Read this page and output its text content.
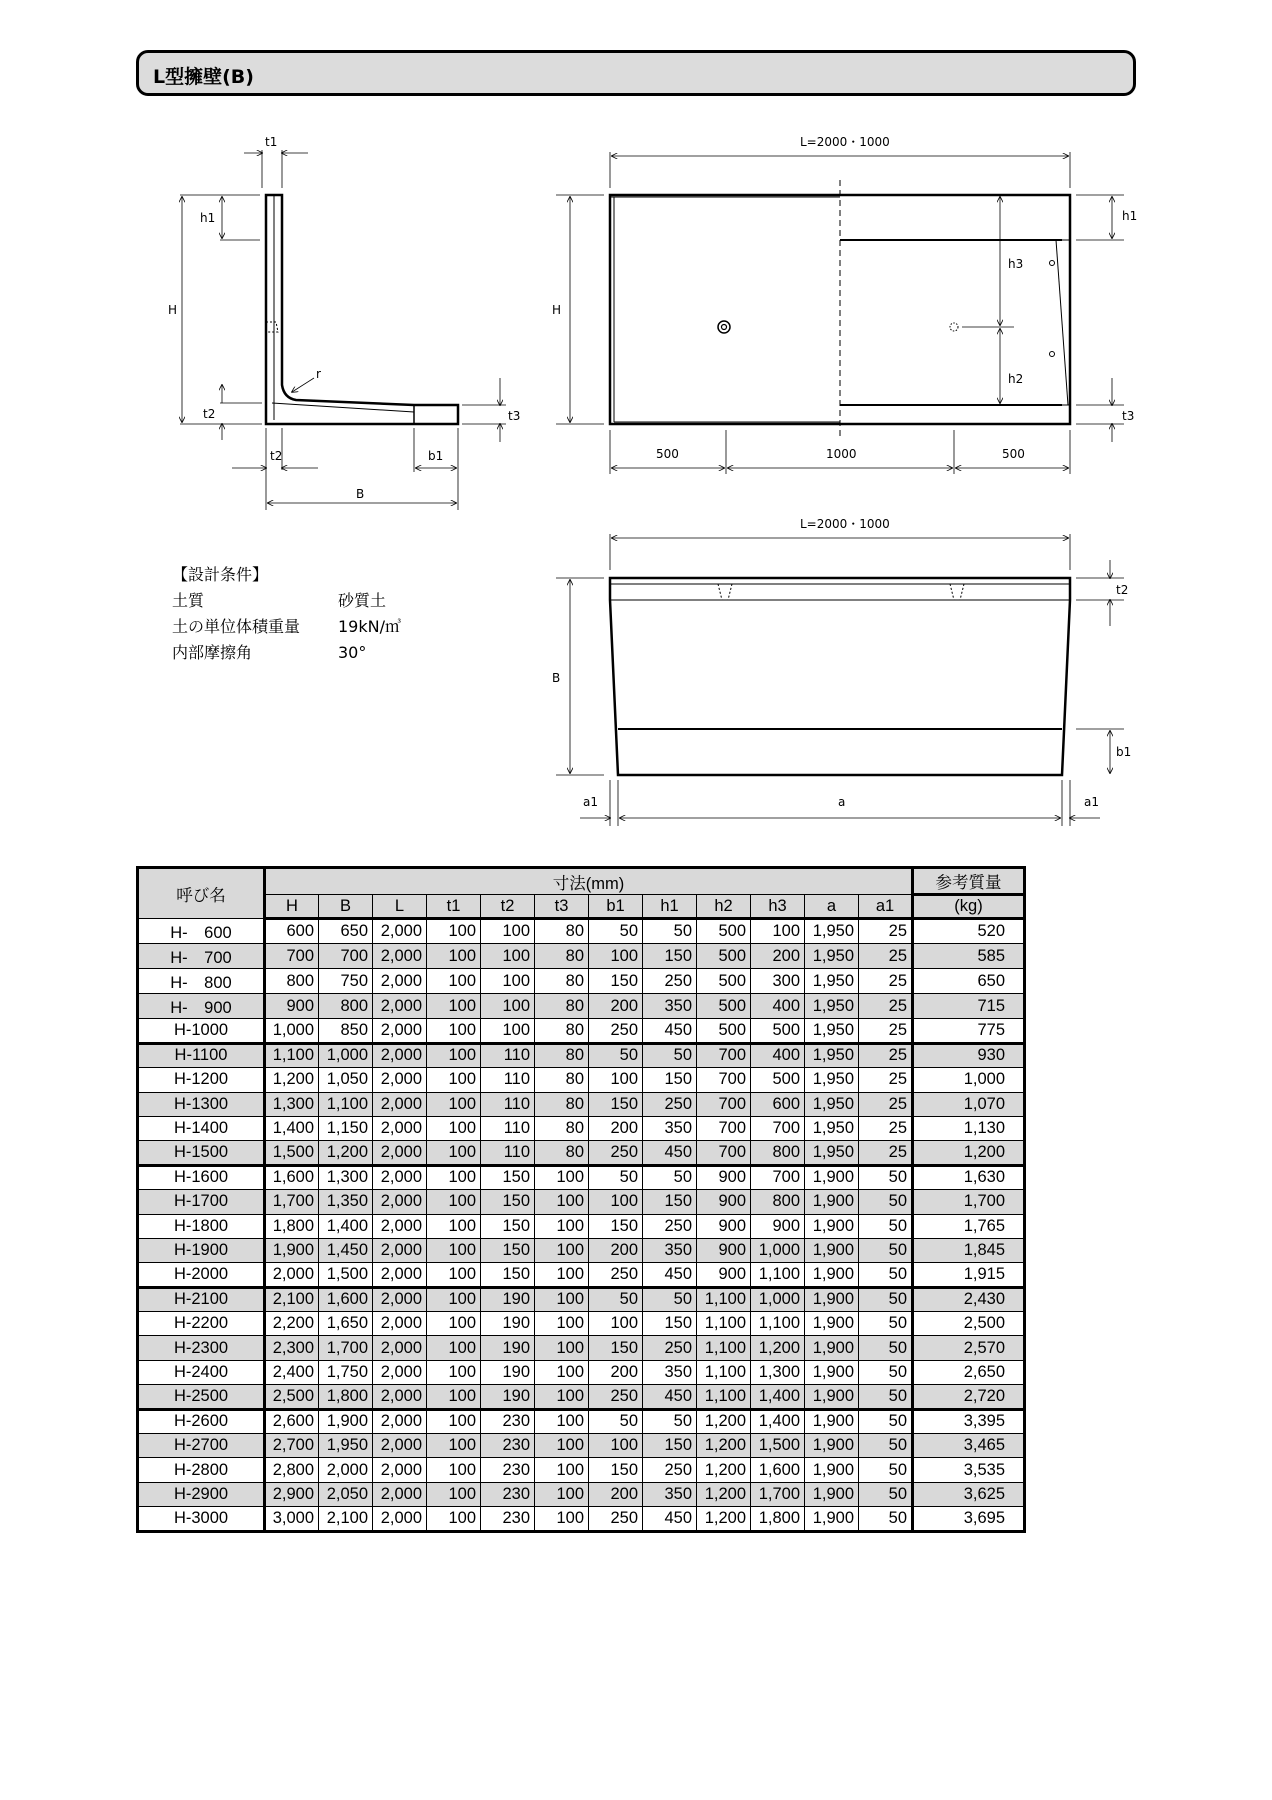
L型擁壁(B)
t1
h1
H
r
t2	t3
t2	b1
B
L=2000・1000
H
h1
h3
h2
t3
500	1000	500
L=2000・1000
t2
B
b1
a1	a	a1
【設計条件】
土質	砂質土
土の単位体積重量	19kN/㎥
内部摩擦角	30°
呼び名	寸法(mm)												参考質量
	H	B	L	t1	t2	t3	b1	h1	h2	h3	a	a1	(kg)
H-　600	600	650	2,000	100	100	80	50	50	500	100	1,950	25	520
H-　700	700	700	2,000	100	100	80	100	150	500	200	1,950	25	585
H-　800	800	750	2,000	100	100	80	150	250	500	300	1,950	25	650
H-　900	900	800	2,000	100	100	80	200	350	500	400	1,950	25	715
H-1000	1,000	850	2,000	100	100	80	250	450	500	500	1,950	25	775
H-1100	1,100	1,000	2,000	100	110	80	50	50	700	400	1,950	25	930
H-1200	1,200	1,050	2,000	100	110	80	100	150	700	500	1,950	25	1,000
H-1300	1,300	1,100	2,000	100	110	80	150	250	700	600	1,950	25	1,070
H-1400	1,400	1,150	2,000	100	110	80	200	350	700	700	1,950	25	1,130
H-1500	1,500	1,200	2,000	100	110	80	250	450	700	800	1,950	25	1,200
H-1600	1,600	1,300	2,000	100	150	100	50	50	900	700	1,900	50	1,630
H-1700	1,700	1,350	2,000	100	150	100	100	150	900	800	1,900	50	1,700
H-1800	1,800	1,400	2,000	100	150	100	150	250	900	900	1,900	50	1,765
H-1900	1,900	1,450	2,000	100	150	100	200	350	900	1,000	1,900	50	1,845
H-2000	2,000	1,500	2,000	100	150	100	250	450	900	1,100	1,900	50	1,915
H-2100	2,100	1,600	2,000	100	190	100	50	50	1,100	1,000	1,900	50	2,430
H-2200	2,200	1,650	2,000	100	190	100	100	150	1,100	1,100	1,900	50	2,500
H-2300	2,300	1,700	2,000	100	190	100	150	250	1,100	1,200	1,900	50	2,570
H-2400	2,400	1,750	2,000	100	190	100	200	350	1,100	1,300	1,900	50	2,650
H-2500	2,500	1,800	2,000	100	190	100	250	450	1,100	1,400	1,900	50	2,720
H-2600	2,600	1,900	2,000	100	230	100	50	50	1,200	1,400	1,900	50	3,395
H-2700	2,700	1,950	2,000	100	230	100	100	150	1,200	1,500	1,900	50	3,465
H-2800	2,800	2,000	2,000	100	230	100	150	250	1,200	1,600	1,900	50	3,535
H-2900	2,900	2,050	2,000	100	230	100	200	350	1,200	1,700	1,900	50	3,625
H-3000	3,000	2,100	2,000	100	230	100	250	450	1,200	1,800	1,900	50	3,695
